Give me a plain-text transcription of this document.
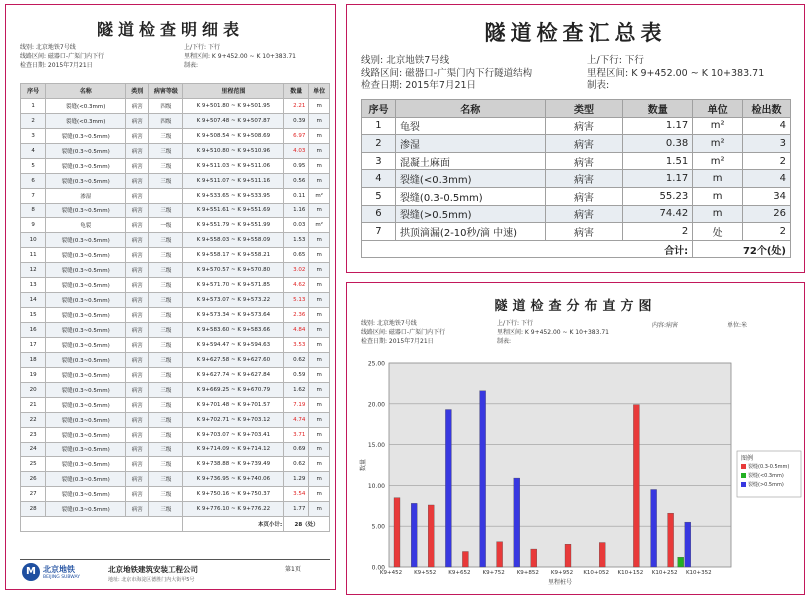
隧道检查明细表
线别: 北京地铁7号线
线路区间: 磁器口-广渠门内下行
检查日期: 2015年7月21日
上/下行: 下行
里程区间: K 9+452.00 ~ K 10+383.71
制表:
序号	名称	类别	病害等级	里程范围	数量	单位
1	裂缝(<0.3mm)	病害	四级	K 9+501.80 ~ K 9+501.95	2.21	m
2	裂缝(<0.3mm)	病害	四级	K 9+507.48 ~ K 9+507.87	0.39	m
3	裂缝(0.3~0.5mm)	病害	三级	K 9+508.54 ~ K 9+508.69	6.97	m
4	裂缝(0.3~0.5mm)	病害	三级	K 9+510.80 ~ K 9+510.96	4.03	m
5	裂缝(0.3~0.5mm)	病害	三级	K 9+511.03 ~ K 9+511.06	0.95	m
6	裂缝(0.3~0.5mm)	病害	三级	K 9+511.07 ~ K 9+511.16	0.56	m
7	渗湿	病害		K 9+533.65 ~ K 9+533.95	0.11	m²
8	裂缝(0.3~0.5mm)	病害	三级	K 9+551.61 ~ K 9+551.69	1.16	m
9	龟裂	病害	一级	K 9+551.79 ~ K 9+551.99	0.03	m²
10	裂缝(0.3~0.5mm)	病害	三级	K 9+558.03 ~ K 9+558.09	1.53	m
11	裂缝(0.3~0.5mm)	病害	三级	K 9+558.17 ~ K 9+558.21	0.65	m
12	裂缝(0.3~0.5mm)	病害	三级	K 9+570.57 ~ K 9+570.80	3.02	m
13	裂缝(0.3~0.5mm)	病害	三级	K 9+571.70 ~ K 9+571.85	4.62	m
14	裂缝(0.3~0.5mm)	病害	三级	K 9+573.07 ~ K 9+573.22	5.13	m
15	裂缝(0.3~0.5mm)	病害	三级	K 9+573.34 ~ K 9+573.64	2.36	m
16	裂缝(0.3~0.5mm)	病害	三级	K 9+583.60 ~ K 9+583.66	4.84	m
17	裂缝(0.3~0.5mm)	病害	三级	K 9+594.47 ~ K 9+594.63	3.53	m
18	裂缝(0.3~0.5mm)	病害	三级	K 9+627.58 ~ K 9+627.60	0.62	m
19	裂缝(0.3~0.5mm)	病害	三级	K 9+627.74 ~ K 9+627.84	0.59	m
20	裂缝(0.3~0.5mm)	病害	三级	K 9+669.25 ~ K 9+670.79	1.62	m
21	裂缝(0.3~0.5mm)	病害	三级	K 9+701.48 ~ K 9+701.57	7.19	m
22	裂缝(0.3~0.5mm)	病害	三级	K 9+702.71 ~ K 9+703.12	4.74	m
23	裂缝(0.3~0.5mm)	病害	三级	K 9+703.07 ~ K 9+703.41	3.71	m
24	裂缝(0.3~0.5mm)	病害	三级	K 9+714.09 ~ K 9+714.12	0.69	m
25	裂缝(0.3~0.5mm)	病害	三级	K 9+738.88 ~ K 9+739.49	0.62	m
26	裂缝(0.3~0.5mm)	病害	三级	K 9+736.95 ~ K 9+740.06	1.29	m
27	裂缝(0.3~0.5mm)	病害	三级	K 9+750.16 ~ K 9+750.37	3.54	m
28	裂缝(0.3~0.5mm)	病害	三级	K 9+776.10 ~ K 9+776.22	1.77	m
				本页小计:	28（处）	
M 北京地铁
BEIJING SUBWAY
北京地铁建筑安装工程公司
地址: 北京市海淀区德胜门内大街甲5号
第1页
隧道检查汇总表
线别: 北京地铁7号线
线路区间: 磁器口-广渠门内下行隧道结构
检查日期: 2015年7月21日
上/下行: 下行
里程区间: K 9+452.00 ~ K 10+383.71
制表:
序号	名称	类型	数量	单位	检出数
1	龟裂	病害	1.17	m²	4
2	渗湿	病害	0.38	m²	3
3	混凝土麻面	病害	1.51	m²	2
4	裂缝(<0.3mm)	病害	1.17	m	4
5	裂缝(0.3-0.5mm)	病害	55.23	m	34
6	裂缝(>0.5mm)	病害	74.42	m	26
7	拱顶滴漏(2-10秒/滴 中速)	病害	2	处	2
合计:				72个(处)	
隧道检查分布直方图
线别: 北京地铁7号线
线路区间: 磁器口-广渠门内下行
检查日期: 2015年7月21日
上/下行: 下行
里程区间: K 9+452.00 ~ K 10+383.71
制表:
内容:病害	单位:米
0.00
5.00
10.00
15.00
20.00
25.00
K9+452 K9+552 K9+652 K9+752 K9+852 K9+952 K10+052 K10+152 K10+252 K10+352
数量
里程桩号
图例
裂缝(0.3-0.5mm)
裂缝(<0.3mm)
裂缝(>0.5mm)
